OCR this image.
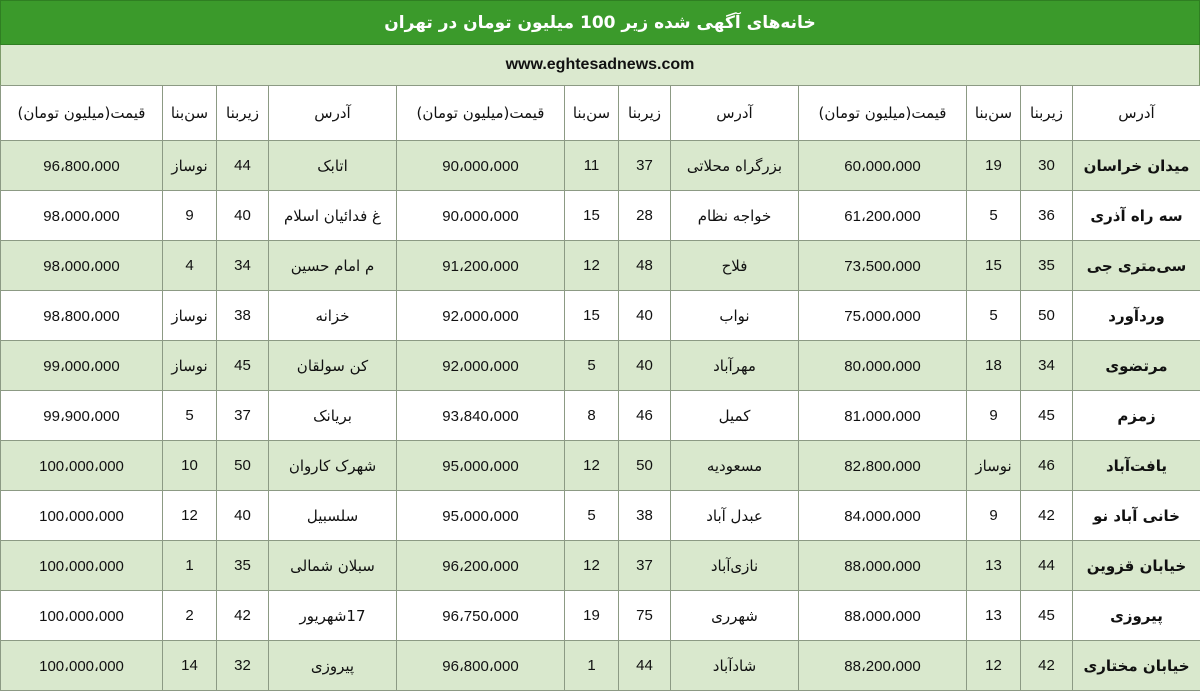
خانه‌های آگهی شده زیر 100 میلیون تومان در تهران
www.eghtesadnews.com
آدرس	زیربنا	سن‌بنا	قیمت(میلیون تومان)	آدرس	زیربنا	سن‌بنا	قیمت(میلیون تومان)	آدرس	زیربنا	سن‌بنا	قیمت(میلیون تومان)
میدان خراسان	30	19	60،000،000	بزرگراه محلاتی	37	11	90،000،000	اتابک	44	نوساز	96،800،000
سه راه آذری	36	5	61،200،000	خواجه نظام	28	15	90،000،000	غ فدائیان اسلام	40	9	98،000،000
سی‌متری جی	35	15	73،500،000	فلاح	48	12	91،200،000	م امام حسین	34	4	98،000،000
وردآورد	50	5	75،000،000	نواب	40	15	92،000،000	خزانه	38	نوساز	98،800،000
مرتضوی	34	18	80،000،000	مهرآباد	40	5	92،000،000	کن سولقان	45	نوساز	99،000،000
زمزم	45	9	81،000،000	کمیل	46	8	93،840،000	بریانک	37	5	99،900،000
یافت‌آباد	46	نوساز	82،800،000	مسعودیه	50	12	95،000،000	شهرک کاروان	50	10	100،000،000
خانی آباد نو	42	9	84،000،000	عبدل آباد	38	5	95،000،000	سلسبیل	40	12	100،000،000
خیابان قزوین	44	13	88،000،000	نازی‌آباد	37	12	96،200،000	سبلان شمالی	35	1	100،000،000
پیروزی	45	13	88،000،000	شهرری	75	19	96،750،000	17شهریور	42	2	100،000،000
خیابان مختاری	42	12	88،200،000	شادآباد	44	1	96،800،000	پیروزی	32	14	100،000،000
